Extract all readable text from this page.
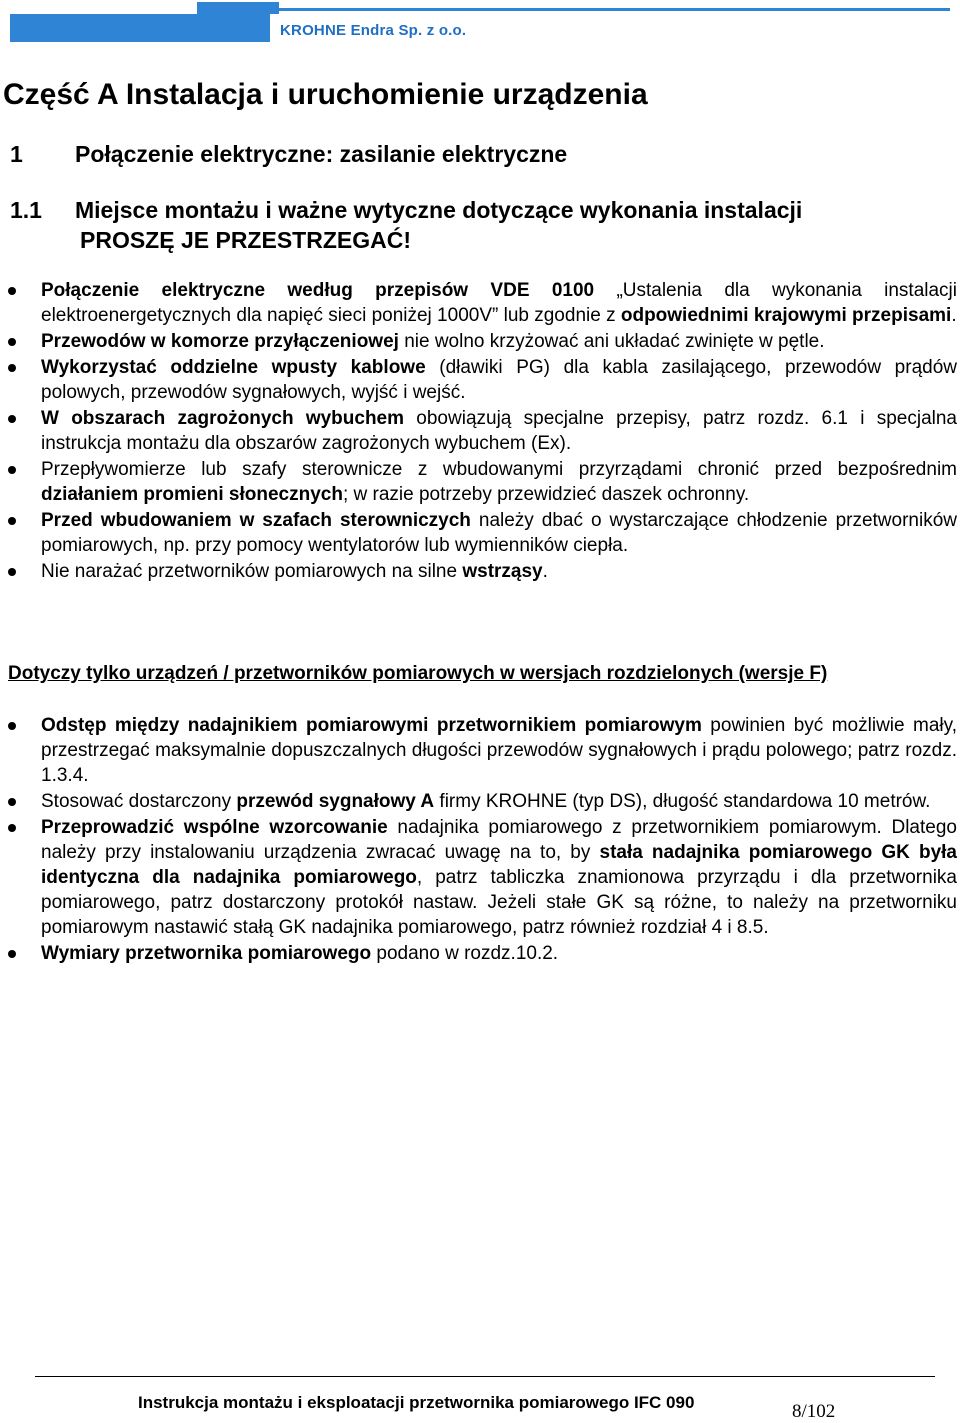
KROHNE Endra Sp. z o.o.
Część A Instalacja i uruchomienie urządzenia
1 Połączenie elektryczne: zasilanie elektryczne
1.1 Miejsce montażu i ważne wytyczne dotyczące wykonania instalacji
PROSZĘ JE PRZESTRZEGAĆ!
Połączenie elektryczne według przepisów VDE 0100 „Ustalenia dla wykonania instalacji elektroenergetycznych dla napięć sieci poniżej 1000V” lub zgodnie z odpowiednimi krajowymi przepisami.
Przewodów w komorze przyłączeniowej nie wolno krzyżować ani układać zwinięte w pętle.
Wykorzystać oddzielne wpusty kablowe (dławiki PG) dla kabla zasilającego, przewodów prądów polowych, przewodów sygnałowych, wyjść i wejść.
W obszarach zagrożonych wybuchem obowiązują specjalne przepisy, patrz rozdz. 6.1 i specjalna instrukcja montażu dla obszarów zagrożonych wybuchem (Ex).
Przepływomierze lub szafy sterownicze z wbudowanymi przyrządami chronić przed bezpośrednim działaniem promieni słonecznych; w razie potrzeby przewidzieć daszek ochronny.
Przed wbudowaniem w szafach sterowniczych należy dbać o wystarczające chłodzenie przetworników pomiarowych, np. przy pomocy wentylatorów lub wymienników ciepła.
Nie narażać przetworników pomiarowych na silne wstrząsy.
Dotyczy tylko urządzeń / przetworników pomiarowych w wersjach rozdzielonych (wersje F)
Odstęp między nadajnikiem pomiarowymi przetwornikiem pomiarowym powinien być możliwie mały, przestrzegać maksymalnie dopuszczalnych długości przewodów sygnałowych i prądu polowego; patrz rozdz. 1.3.4.
Stosować dostarczony przewód sygnałowy A firmy KROHNE (typ DS), długość standardowa 10 metrów.
Przeprowadzić wspólne wzorcowanie nadajnika pomiarowego z przetwornikiem pomiarowym. Dlatego należy przy instalowaniu urządzenia zwracać uwagę na to, by stała nadajnika pomiarowego GK była identyczna dla nadajnika pomiarowego, patrz tabliczka znamionowa przyrządu i dla przetwornika pomiarowego, patrz dostarczony protokół nastaw. Jeżeli stałe GK są różne, to należy na przetworniku pomiarowym nastawić stałą GK nadajnika pomiarowego, patrz również rozdział 4 i 8.5.
Wymiary przetwornika pomiarowego podano w rozdz.10.2.
Instrukcja montażu i eksploatacji przetwornika pomiarowego IFC 090	8/102
